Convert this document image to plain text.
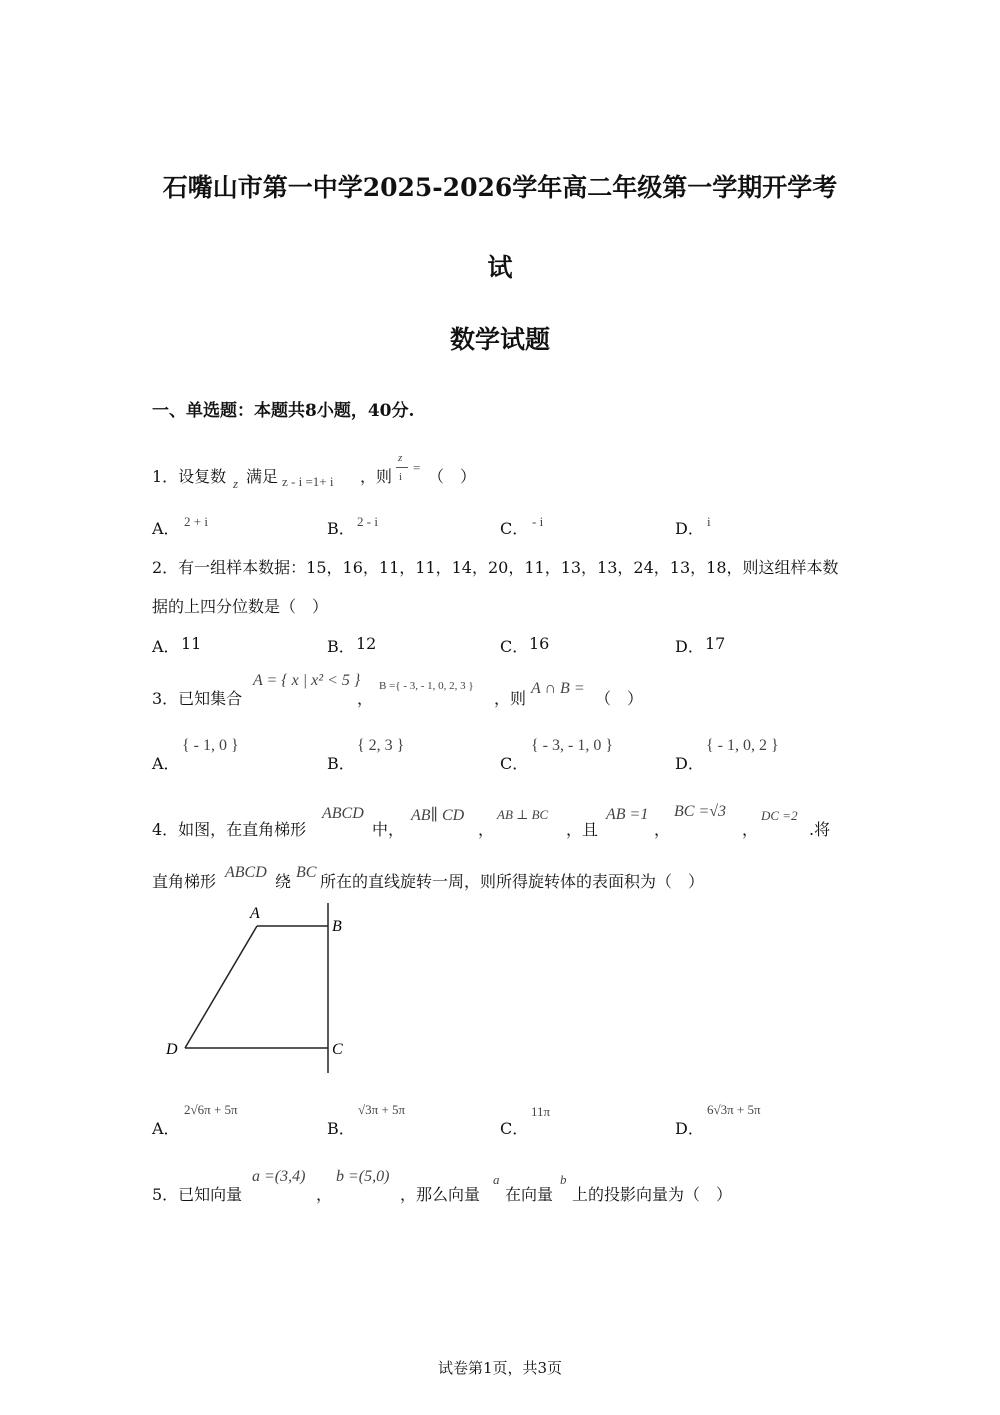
石嘴山市第一中学2025-2026学年高二年级第一学期开学考
试
数学试题
一、单选题：本题共8小题，40分.
1．设复数 z 满足 z - i =1+ i ，则
z
i
= （　）
A． 2 + i	B． 2 - i	C． - i	D． i
2．有一组样本数据：15，16，11，11，14，20，11，13，13，24，13，18，则这组样本数
据的上四分位数是（　）
A． 11	B． 12	C． 16	D． 17
3．已知集合
A = { x | x² < 5 }
，
B ={ - 3, - 1, 0, 2, 3 }
，则
A ∩ B =
（　）
A．
{ - 1, 0 }
B．
{ 2, 3 }
C．
{ - 3, - 1, 0 }
D．
{ - 1, 0, 2 }
4．如图，在直角梯形
ABCD
中，
AB∥ CD
，
AB ⊥ BC
，且
AB =1
，
BC =√3
，
DC =2
.将
直角梯形 ABCD 绕 BC 所在的直线旋转一周，则所得旋转体的表面积为（　）
A
B
C
D
A．
2√6π + 5π
B．
√3π + 5π
C．
11π
D．
6√3π + 5π
5．已知向量
a =(3,4)
，
b =(5,0)
，那么向量
a
在向量
b
上的投影向量为（　）
试卷第1页，共3页
